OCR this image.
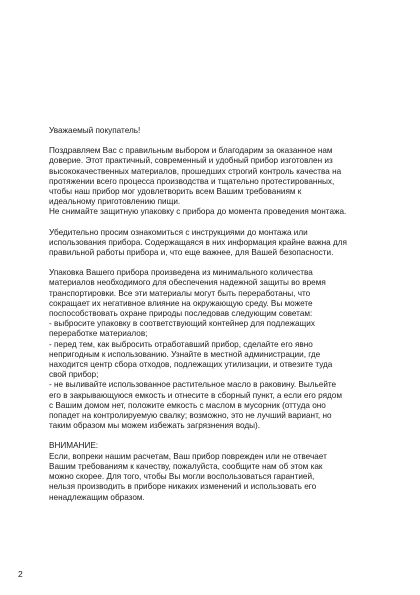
Уважаемый покупатель!

Поздравляем Вас с правильным выбором и благодарим за оказанное нам
доверие. Этот практичный, современный и удобный прибор изготовлен из
высококачественных материалов, прошедших строгий контроль качества на
протяжении всего процесса производства и тщательно протестированных,
чтобы наш прибор мог удовлетворить всем Вашим требованиям к
идеальному приготовлению пищи.
Не снимайте защитную упаковку с прибора до момента проведения монтажа.
Убедительно просим ознакомиться с инструкциями до монтажа или
использования прибора. Содержащаяся в них информация крайне важна для
правильной работы прибора и, что еще важнее, для Вашей безопасности.
Упаковка Вашего прибора произведена из минимального количества
материалов необходимого для обеспечения надежной защиты во время
транспортировки. Все эти материалы могут быть переработаны, что
сокращает их негативное влияние на окружающую среду. Вы можете
поспособствовать охране природы последовав следующим советам:
- выбросите упаковку в соответствующий контейнер для подлежащих
переработке материалов;
- перед тем, как выбросить отработавший прибор, сделайте его явно
непригодным к использованию. Узнайте в местной администрации, где
находится центр сбора отходов, подлежащих утилизации, и отвезите туда
свой прибор;
- не выливайте использованное растительное масло в раковину. Выльейте
его в закрывающуюся емкость и отнесите в сборный пункт, а если его рядом
с Вашим домом нет, положите емкость с маслом в мусорник (оттуда оно
попадет на контролируемую свалку; возможно, это не лучший вариант, но
таким образом мы можем избежать загрязнения воды).

ВНИМАНИЕ:

Если, вопреки нашим расчетам, Ваш прибор поврежден или не отвечает
Вашим требованиям к качеству, пожалуйста, сообщите нам об этом как
можно скорее. Для того, чтобы Вы могли воспользоваться гарантией,
нельзя производить в приборе никаких изменений и использовать его
ненадлежащим образом.
2
